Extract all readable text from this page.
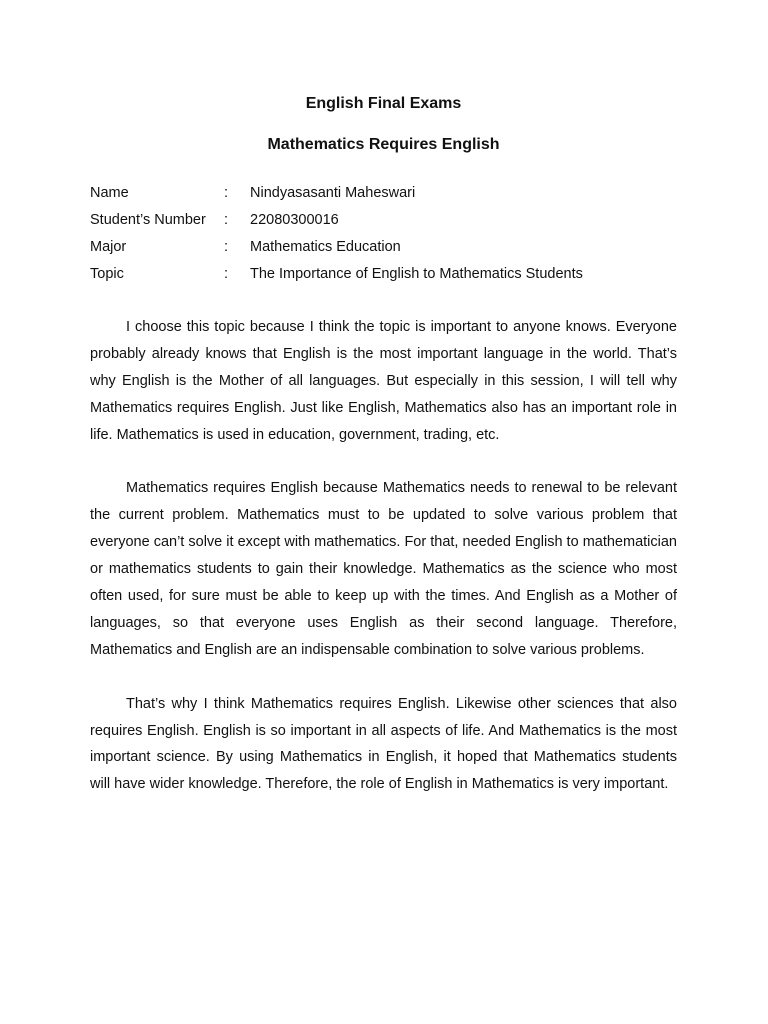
English Final Exams
Mathematics Requires English
Name	:	Nindyasasanti Maheswari
Student’s Number	:	22080300016
Major	:	Mathematics Education
Topic	:	The Importance of English to Mathematics Students

I choose this topic because I think the topic is important to anyone knows. Everyone probably already knows that English is the most important language in the world. That’s why English is the Mother of all languages. But especially in this session, I will tell why Mathematics requires English. Just like English, Mathematics also has an important role in life. Mathematics is used in education, government, trading, etc.

Mathematics requires English because Mathematics needs to renewal to be relevant the current problem. Mathematics must to be updated to solve various problem that everyone can’t solve it except with mathematics. For that, needed English to mathematician or mathematics students to gain their knowledge. Mathematics as the science who most often used, for sure must be able to keep up with the times. And English as a Mother of languages, so that everyone uses English as their second language. Therefore, Mathematics and English are an indispensable combination to solve various problems.

That’s why I think Mathematics requires English. Likewise other sciences that also requires English. English is so important in all aspects of life. And Mathematics is the most important science. By using Mathematics in English, it hoped that Mathematics students will have wider knowledge. Therefore, the role of English in Mathematics is very important.
